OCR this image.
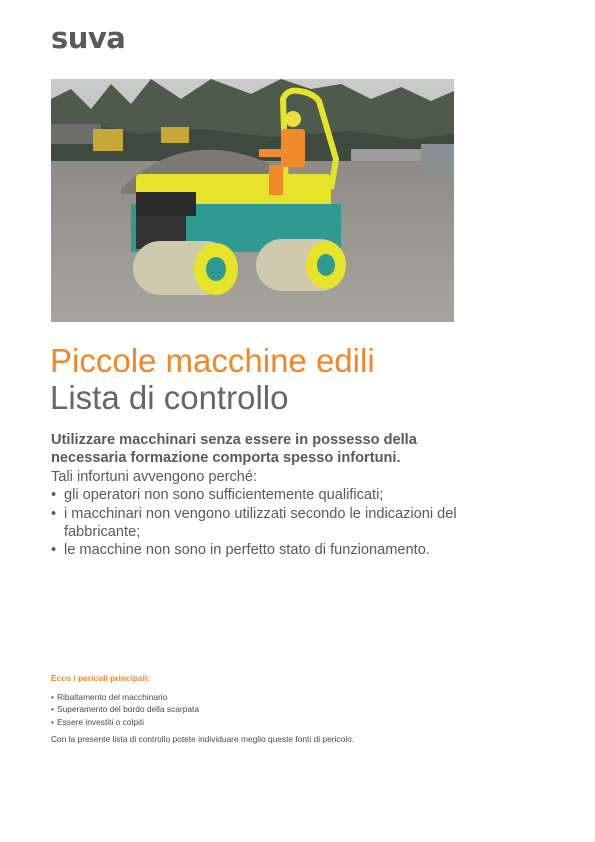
suva
Piccole macchine edili
Lista di controllo
Utilizzare macchinari senza essere in possesso della necessaria formazione comporta spesso infortuni.
Tali infortuni avvengono perché:
• gli operatori non sono sufficientemente qualificati;
• i macchinari non vengono utilizzati secondo le indicazioni del fabbricante;
• le macchine non sono in perfetto stato di funzionamento.
Ecco i pericoli principali:
• Ribaltamento del macchinario
• Superamento del bordo della scarpata
• Essere investiti o colpiti
Con la presente lista di controllo potete individuare meglio queste fonti di pericolo.
